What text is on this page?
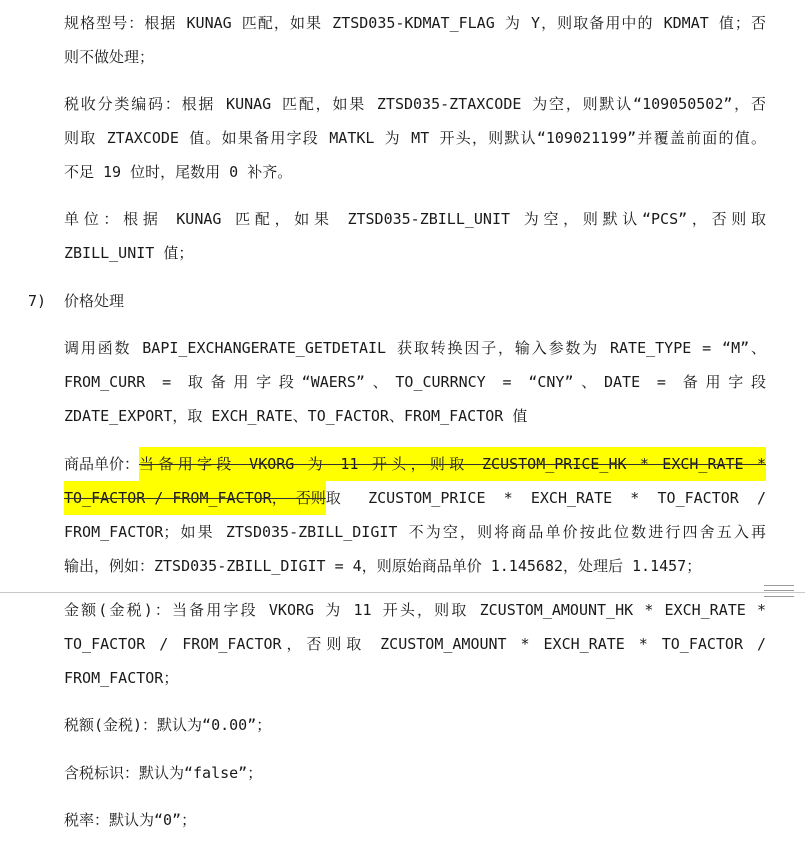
规格型号：根据 KUNAG 匹配，如果 ZTSD035-KDMAT_FLAG 为 Y，则取备用中的 KDMAT 值；否
则不做处理；
税收分类编码：根据 KUNAG 匹配，如果 ZTSD035-ZTAXCODE 为空，则默认“109050502”，否
则取 ZTAXCODE 值。如果备用字段 MATKL 为 MT 开头，则默认“109021199”并覆盖前面的值。
不足 19 位时，尾数用 0 补齐。
单位：根据 KUNAG 匹配，如果 ZTSD035-ZBILL_UNIT 为空，则默认“PCS”，否则取
ZBILL_UNIT 值；
7) 价格处理
调用函数 BAPI_EXCHANGERATE_GETDETAIL 获取转换因子，输入参数为 RATE_TYPE = “M”、
FROM_CURR = 取备用字段“WAERS”、TO_CURRNCY = “CNY”、DATE = 备用字段
ZDATE_EXPORT，取 EXCH_RATE、TO_FACTOR、FROM_FACTOR 值
商品单价： 当备用字段 VKORG 为 11 开头，则取 ZCUSTOM_PRICE_HK * EXCH_RATE *
TO_FACTOR / FROM_FACTOR， 否则 取 ZCUSTOM_PRICE * EXCH_RATE * TO_FACTOR /
FROM_FACTOR；如果 ZTSD035-ZBILL_DIGIT 不为空，则将商品单价按此位数进行四舍五入再
输出，例如：ZTSD035-ZBILL_DIGIT = 4，则原始商品单价 1.145682，处理后 1.1457；
金额(金税)：当备用字段 VKORG 为 11 开头，则取 ZCUSTOM_AMOUNT_HK * EXCH_RATE *
TO_FACTOR / FROM_FACTOR，否则取 ZCUSTOM_AMOUNT * EXCH_RATE * TO_FACTOR /
FROM_FACTOR；
税额(金税)：默认为“0.00”；
含税标识：默认为“false”；
税率：默认为“0”；
